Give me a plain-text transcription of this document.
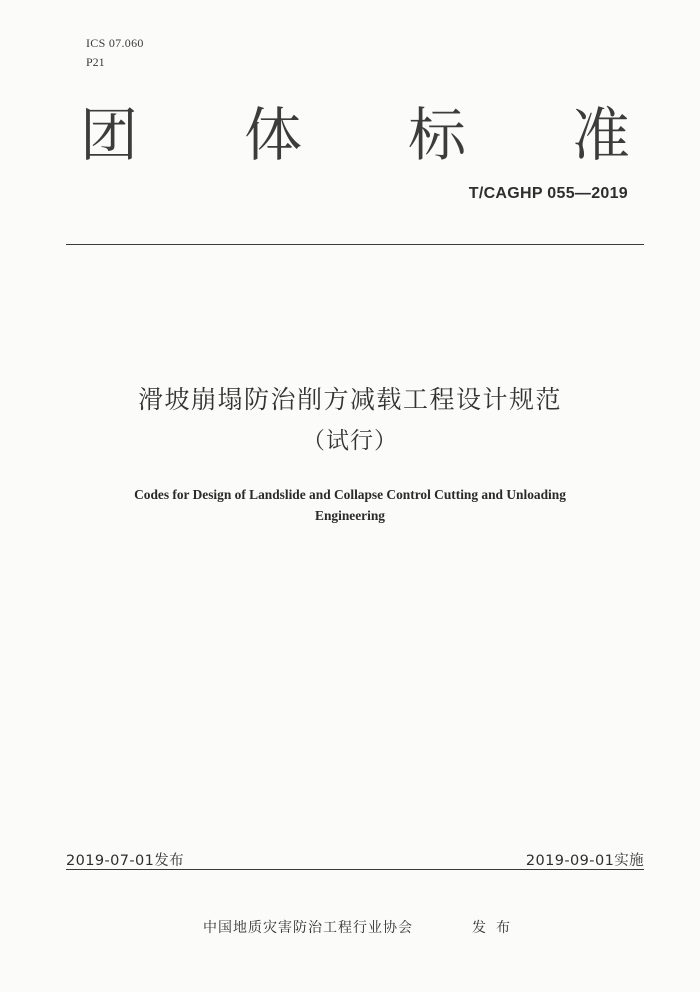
ICS 07.060
P21
团 体 标 准
T/CAGHP 055—2019
滑坡崩塌防治削方减载工程设计规范
（试行）
Codes for Design of Landslide and Collapse Control Cutting and Unloading
Engineering
2019-07-01发布	2019-09-01实施
中国地质灾害防治工程行业协会	发布
